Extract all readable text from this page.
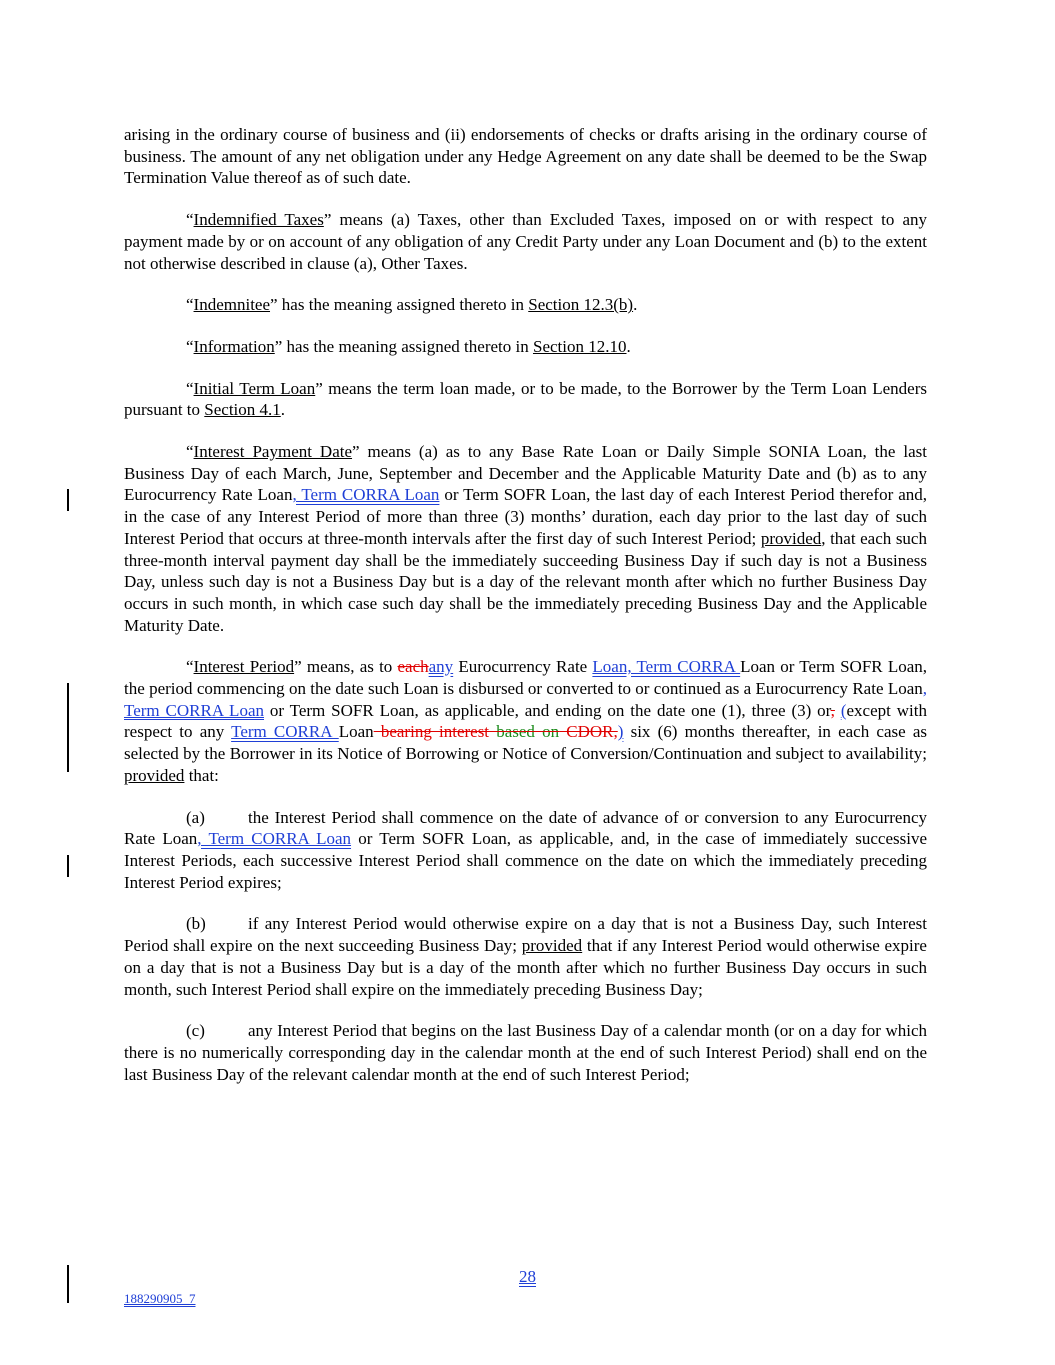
arising in the ordinary course of business and (ii) endorsements of checks or drafts arising in the ordinary course of business. The amount of any net obligation under any Hedge Agreement on any date shall be deemed to be the Swap Termination Value thereof as of such date.

“Indemnified Taxes” means (a) Taxes, other than Excluded Taxes, imposed on or with respect to any payment made by or on account of any obligation of any Credit Party under any Loan Document and (b) to the extent not otherwise described in clause (a), Other Taxes.

“Indemnitee” has the meaning assigned thereto in Section 12.3(b).

“Information” has the meaning assigned thereto in Section 12.10.

“Initial Term Loan” means the term loan made, or to be made, to the Borrower by the Term Loan Lenders pursuant to Section 4.1.

“Interest Payment Date” means (a) as to any Base Rate Loan or Daily Simple SONIA Loan, the last Business Day of each March, June, September and December and the Applicable Maturity Date and (b) as to any Eurocurrency Rate Loan, Term CORRA Loan or Term SOFR Loan, the last day of each Interest Period therefor and, in the case of any Interest Period of more than three (3) months’ duration, each day prior to the last day of such Interest Period that occurs at three-month intervals after the first day of such Interest Period; provided, that each such three-month interval payment day shall be the immediately succeeding Business Day if such day is not a Business Day, unless such day is not a Business Day but is a day of the relevant month after which no further Business Day occurs in such month, in which case such day shall be the immediately preceding Business Day and the Applicable Maturity Date.

“Interest Period” means, as to eachany Eurocurrency Rate Loan, Term CORRA Loan or Term SOFR Loan, the period commencing on the date such Loan is disbursed or converted to or continued as a Eurocurrency Rate Loan, Term CORRA Loan or Term SOFR Loan, as applicable, and ending on the date one (1), three (3) or, (except with respect to any Term CORRA Loan bearing interest based on CDOR,) six (6) months thereafter, in each case as selected by the Borrower in its Notice of Borrowing or Notice of Conversion/Continuation and subject to availability; provided that:

(a)	the Interest Period shall commence on the date of advance of or conversion to any Eurocurrency Rate Loan, Term CORRA Loan or Term SOFR Loan, as applicable, and, in the case of immediately successive Interest Periods, each successive Interest Period shall commence on the date on which the immediately preceding Interest Period expires;

(b) if any Interest Period would otherwise expire on a day that is not a Business Day, such Interest Period shall expire on the next succeeding Business Day; provided that if any Interest Period would otherwise expire on a day that is not a Business Day but is a day of the month after which no further Business Day occurs in such month, such Interest Period shall expire on the immediately preceding Business Day;

(c)	any Interest Period that begins on the last Business Day of a calendar month (or on a day for which there is no numerically corresponding day in the calendar month at the end of such Interest Period) shall end on the last Business Day of the relevant calendar month at the end of such Interest Period;

28
188290905_7
